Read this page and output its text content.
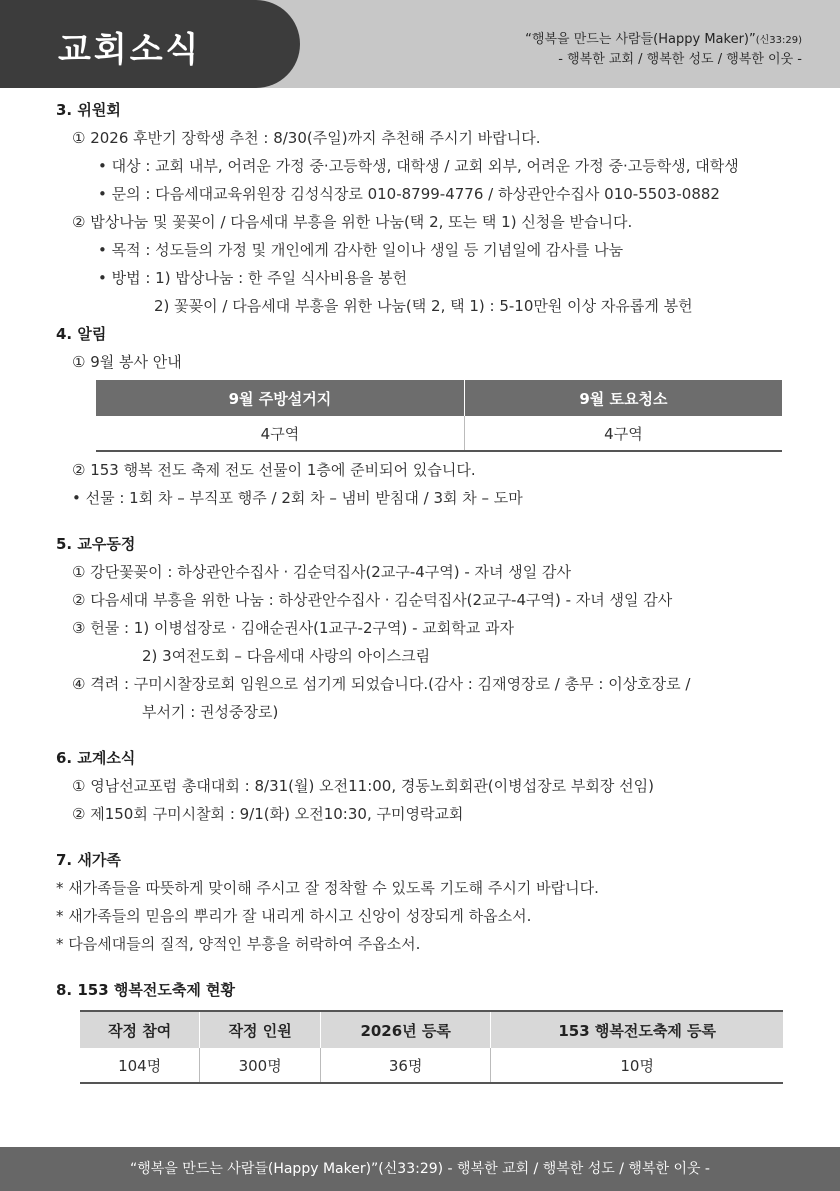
교회소식	“행복을 만드는 사람들(Happy Maker)”(신33:29)
- 행복한 교회 / 행복한 성도 / 행복한 이웃 -
3. 위원회
① 2026 후반기 장학생 추천 : 8/30(주일)까지 추천해 주시기 바랍니다.
• 대상 : 교회 내부, 어려운 가정 중·고등학생, 대학생 / 교회 외부, 어려운 가정 중·고등학생, 대학생
• 문의 : 다음세대교육위원장 김성식장로 010-8799-4776 / 하상관안수집사 010-5503-0882
② 밥상나눔 및 꽃꽂이 / 다음세대 부흥을 위한 나눔(택 2, 또는 택 1) 신청을 받습니다.
• 목적 : 성도들의 가정 및 개인에게 감사한 일이나 생일 등 기념일에 감사를 나눔
• 방법 : 1) 밥상나눔 : 한 주일 식사비용을 봉헌
2) 꽃꽂이 / 다음세대 부흥을 위한 나눔(택 2, 택 1) : 5-10만원 이상 자유롭게 봉헌
4. 알림
① 9월 봉사 안내
9월 주방설거지	9월 토요청소
4구역	4구역
② 153 행복 전도 축제 전도 선물이 1층에 준비되어 있습니다.
• 선물 : 1회 차 – 부직포 행주 / 2회 차 – 냄비 받침대 / 3회 차 – 도마
5. 교우동정
① 강단꽃꽂이 : 하상관안수집사 · 김순덕집사(2교구-4구역) - 자녀 생일 감사
② 다음세대 부흥을 위한 나눔 : 하상관안수집사 · 김순덕집사(2교구-4구역) - 자녀 생일 감사
③ 헌물 : 1) 이병섭장로 · 김애순권사(1교구-2구역) - 교회학교 과자
2) 3여전도회 – 다음세대 사랑의 아이스크림
④ 격려 : 구미시찰장로회 임원으로 섬기게 되었습니다.(감사 : 김재영장로 / 총무 : 이상호장로 /
부서기 : 권성중장로)
6. 교계소식
① 영남선교포럼 총대대회 : 8/31(월) 오전11:00, 경동노회회관(이병섭장로 부회장 선임)
② 제150회 구미시찰회 : 9/1(화) 오전10:30, 구미영락교회
7. 새가족
* 새가족들을 따뜻하게 맞이해 주시고 잘 정착할 수 있도록 기도해 주시기 바랍니다.
* 새가족들의 믿음의 뿌리가 잘 내리게 하시고 신앙이 성장되게 하옵소서.
* 다음세대들의 질적, 양적인 부흥을 허락하여 주옵소서.
8. 153 행복전도축제 현황
작정 참여	작정 인원	2026년 등록	153 행복전도축제 등록
104명	300명	36명	10명
“행복을 만드는 사람들(Happy Maker)”(신33:29) - 행복한 교회 / 행복한 성도 / 행복한 이웃 -
